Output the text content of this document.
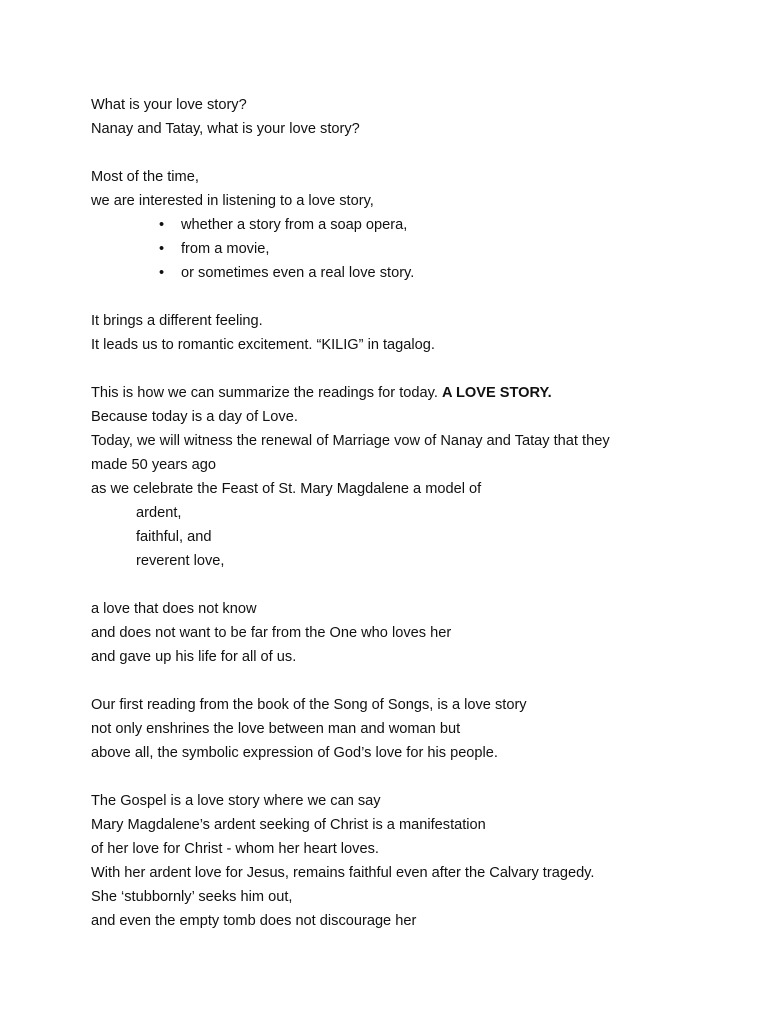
What is your love story?
Nanay and Tatay, what is your love story?
Most of the time,
we are interested in listening to a love story,
• whether a story from a soap opera,
• from a movie,
• or sometimes even a real love story.
It brings a different feeling.
It leads us to romantic excitement. “KILIG” in tagalog.
This is how we can summarize the readings for today. A LOVE STORY.
Because today is a day of Love.
Today, we will witness the renewal of Marriage vow of Nanay and Tatay that they
made 50 years ago
as we celebrate the Feast of St. Mary Magdalene a model of
ardent,
faithful, and
reverent love,
a love that does not know
and does not want to be far from the One who loves her
and gave up his life for all of us.
Our first reading from the book of the Song of Songs, is a love story
not only enshrines the love between man and woman but
above all, the symbolic expression of God’s love for his people.
The Gospel is a love story where we can say
Mary Magdalene’s ardent seeking of Christ is a manifestation
of her love for Christ - whom her heart loves.
With her ardent love for Jesus, remains faithful even after the Calvary tragedy.
She ‘stubbornly’ seeks him out,
and even the empty tomb does not discourage her
